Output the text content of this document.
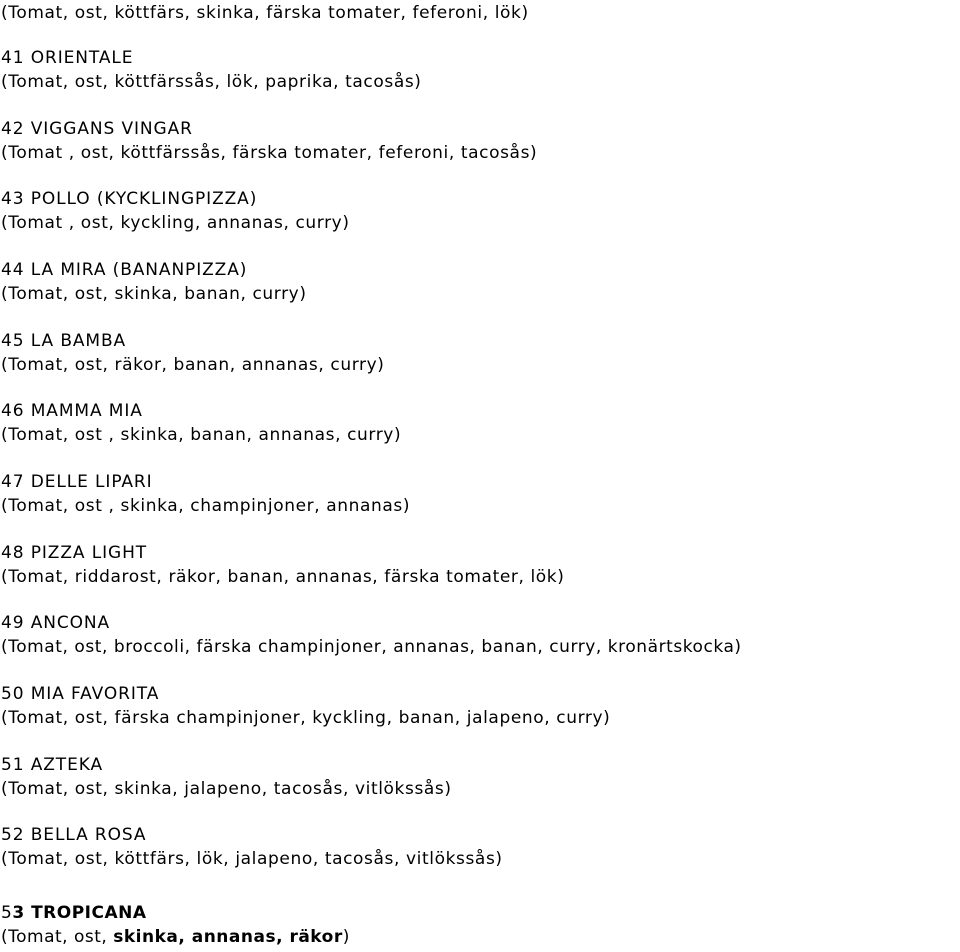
(Tomat, ost, köttfärs, skinka, färska tomater, feferoni, lök)
41 ORIENTALE
(Tomat, ost, köttfärssås, lök, paprika, tacosås)
42 VIGGANS VINGAR
(Tomat , ost, köttfärssås, färska tomater, feferoni, tacosås)
43 POLLO (KYCKLINGPIZZA)
(Tomat , ost, kyckling, annanas, curry)
44 LA MIRA (BANANPIZZA)
(Tomat, ost, skinka, banan, curry)
45 LA BAMBA
(Tomat, ost, räkor, banan, annanas, curry)
46 MAMMA MIA
(Tomat, ost , skinka, banan, annanas, curry)
47 DELLE LIPARI
(Tomat, ost , skinka, champinjoner, annanas)
48 PIZZA LIGHT
(Tomat, riddarost, räkor, banan, annanas, färska tomater, lök)
49 ANCONA
(Tomat, ost, broccoli, färska champinjoner, annanas, banan, curry, kronärtskocka)
50 MIA FAVORITA
(Tomat, ost, färska champinjoner, kyckling, banan, jalapeno, curry)
51 AZTEKA
(Tomat, ost, skinka, jalapeno, tacosås, vitlökssås)
52 BELLA ROSA
(Tomat, ost, köttfärs, lök, jalapeno, tacosås, vitlökssås)
53 TROPICANA
(Tomat, ost, skinka, annanas, räkor)
